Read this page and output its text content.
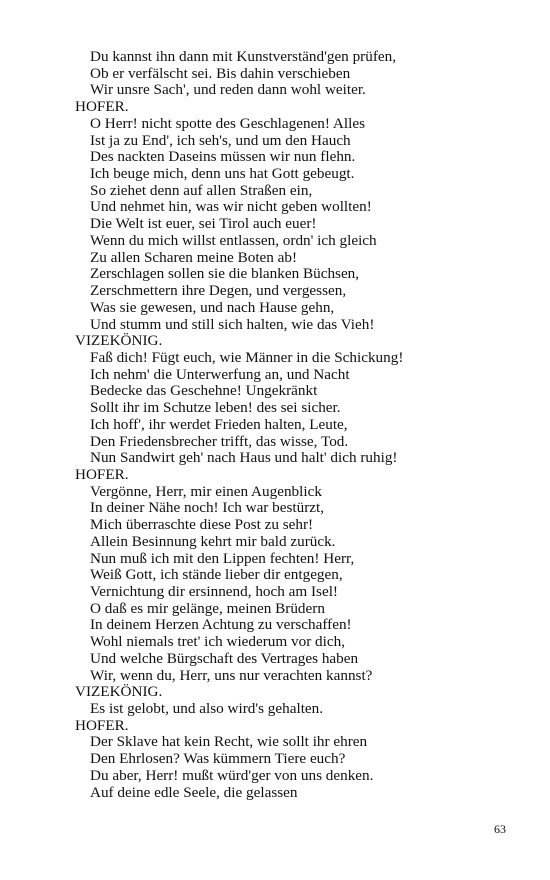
Du kannst ihn dann mit Kunstverständ'gen prüfen,
Ob er verfälscht sei. Bis dahin verschieben
Wir unsre Sach', und reden dann wohl weiter.
HOFER.
O Herr! nicht spotte des Geschlagenen! Alles
Ist ja zu End', ich seh's, und um den Hauch
Des nackten Daseins müssen wir nun flehn.
Ich beuge mich, denn uns hat Gott gebeugt.
So ziehet denn auf allen Straßen ein,
Und nehmet hin, was wir nicht geben wollten!
Die Welt ist euer, sei Tirol auch euer!
Wenn du mich willst entlassen, ordn' ich gleich
Zu allen Scharen meine Boten ab!
Zerschlagen sollen sie die blanken Büchsen,
Zerschmettern ihre Degen, und vergessen,
Was sie gewesen, und nach Hause gehn,
Und stumm und still sich halten, wie das Vieh!
VIZEKÖNIG.
Faß dich! Fügt euch, wie Männer in die Schickung!
Ich nehm' die Unterwerfung an, und Nacht
Bedecke das Geschehne! Ungekränkt
Sollt ihr im Schutze leben! des sei sicher.
Ich hoff', ihr werdet Frieden halten, Leute,
Den Friedensbrecher trifft, das wisse, Tod.
Nun Sandwirt geh' nach Haus und halt' dich ruhig!
HOFER.
Vergönne, Herr, mir einen Augenblick
In deiner Nähe noch! Ich war bestürzt,
Mich überraschte diese Post zu sehr!
Allein Besinnung kehrt mir bald zurück.
Nun muß ich mit den Lippen fechten! Herr,
Weiß Gott, ich stände lieber dir entgegen,
Vernichtung dir ersinnend, hoch am Isel!
O daß es mir gelänge, meinen Brüdern
In deinem Herzen Achtung zu verschaffen!
Wohl niemals tret' ich wiederum vor dich,
Und welche Bürgschaft des Vertrages haben
Wir, wenn du, Herr, uns nur verachten kannst?
VIZEKÖNIG.
Es ist gelobt, und also wird's gehalten.
HOFER.
Der Sklave hat kein Recht, wie sollt ihr ehren
Den Ehrlosen? Was kümmern Tiere euch?
Du aber, Herr! mußt würd'ger von uns denken.
Auf deine edle Seele, die gelassen
63
